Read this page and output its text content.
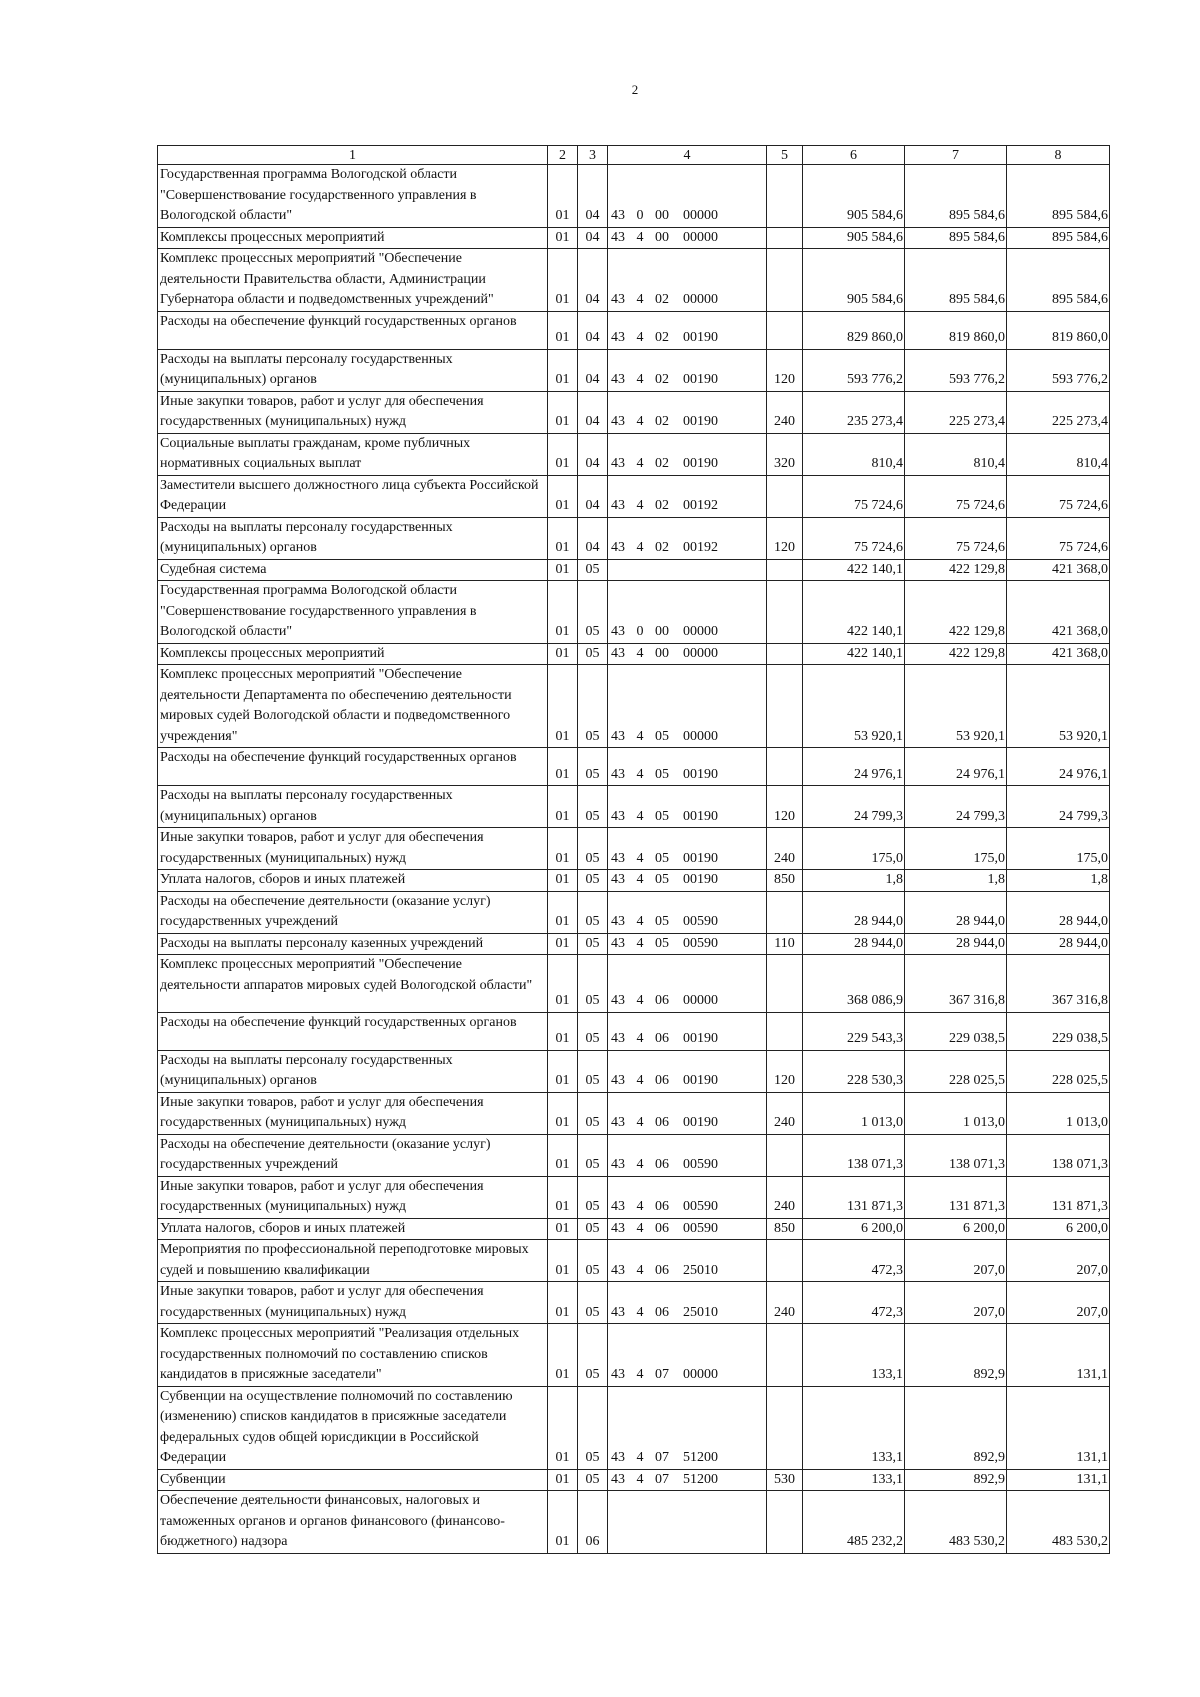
2
1	2	3	4	5	6	7	8
Государственная программа Вологодской области "Совершенствование государственного управления в Вологодской области"	01	04	43 0 00 00000		905 584,6	895 584,6	895 584,6
Комплексы процессных мероприятий	01	04	43 4 00 00000		905 584,6	895 584,6	895 584,6
Комплекс процессных мероприятий "Обеспечение деятельности Правительства области, Администрации Губернатора области и подведомственных учреждений"	01	04	43 4 02 00000		905 584,6	895 584,6	895 584,6
Расходы на обеспечение функций государственных органов	01	04	43 4 02 00190		829 860,0	819 860,0	819 860,0
Расходы на выплаты персоналу государственных (муниципальных) органов	01	04	43 4 02 00190	120	593 776,2	593 776,2	593 776,2
Иные закупки товаров, работ и услуг для обеспечения государственных (муниципальных) нужд	01	04	43 4 02 00190	240	235 273,4	225 273,4	225 273,4
Социальные выплаты гражданам, кроме публичных нормативных социальных выплат	01	04	43 4 02 00190	320	810,4	810,4	810,4
Заместители высшего должностного лица субъекта Российской Федерации	01	04	43 4 02 00192		75 724,6	75 724,6	75 724,6
Расходы на выплаты персоналу государственных (муниципальных) органов	01	04	43 4 02 00192	120	75 724,6	75 724,6	75 724,6
Судебная система	01	05			422 140,1	422 129,8	421 368,0
Государственная программа Вологодской области "Совершенствование государственного управления в Вологодской области"	01	05	43 0 00 00000		422 140,1	422 129,8	421 368,0
Комплексы процессных мероприятий	01	05	43 4 00 00000		422 140,1	422 129,8	421 368,0
Комплекс процессных мероприятий "Обеспечение деятельности Департамента по обеспечению деятельности мировых судей Вологодской области и подведомственного учреждения"	01	05	43 4 05 00000		53 920,1	53 920,1	53 920,1
Расходы на обеспечение функций государственных органов	01	05	43 4 05 00190		24 976,1	24 976,1	24 976,1
Расходы на выплаты персоналу государственных (муниципальных) органов	01	05	43 4 05 00190	120	24 799,3	24 799,3	24 799,3
Иные закупки товаров, работ и услуг для обеспечения государственных (муниципальных) нужд	01	05	43 4 05 00190	240	175,0	175,0	175,0
Уплата налогов, сборов и иных платежей	01	05	43 4 05 00190	850	1,8	1,8	1,8
Расходы на обеспечение деятельности (оказание услуг) государственных учреждений	01	05	43 4 05 00590		28 944,0	28 944,0	28 944,0
Расходы на выплаты персоналу казенных учреждений	01	05	43 4 05 00590	110	28 944,0	28 944,0	28 944,0
Комплекс процессных мероприятий "Обеспечение деятельности аппаратов мировых судей Вологодской области"	01	05	43 4 06 00000		368 086,9	367 316,8	367 316,8
Расходы на обеспечение функций государственных органов	01	05	43 4 06 00190		229 543,3	229 038,5	229 038,5
Расходы на выплаты персоналу государственных (муниципальных) органов	01	05	43 4 06 00190	120	228 530,3	228 025,5	228 025,5
Иные закупки товаров, работ и услуг для обеспечения государственных (муниципальных) нужд	01	05	43 4 06 00190	240	1 013,0	1 013,0	1 013,0
Расходы на обеспечение деятельности (оказание услуг) государственных учреждений	01	05	43 4 06 00590		138 071,3	138 071,3	138 071,3
Иные закупки товаров, работ и услуг для обеспечения государственных (муниципальных) нужд	01	05	43 4 06 00590	240	131 871,3	131 871,3	131 871,3
Уплата налогов, сборов и иных платежей	01	05	43 4 06 00590	850	6 200,0	6 200,0	6 200,0
Мероприятия по профессиональной переподготовке мировых судей и повышению квалификации	01	05	43 4 06 25010		472,3	207,0	207,0
Иные закупки товаров, работ и услуг для обеспечения государственных (муниципальных) нужд	01	05	43 4 06 25010	240	472,3	207,0	207,0
Комплекс процессных мероприятий "Реализация отдельных государственных полномочий по составлению списков кандидатов в присяжные заседатели"	01	05	43 4 07 00000		133,1	892,9	131,1
Субвенции на осуществление полномочий по составлению (изменению) списков кандидатов в присяжные заседатели федеральных судов общей юрисдикции в Российской Федерации	01	05	43 4 07 51200		133,1	892,9	131,1
Субвенции	01	05	43 4 07 51200	530	133,1	892,9	131,1
Обеспечение деятельности финансовых, налоговых и таможенных органов и органов финансового (финансово-бюджетного) надзора	01	06			485 232,2	483 530,2	483 530,2
